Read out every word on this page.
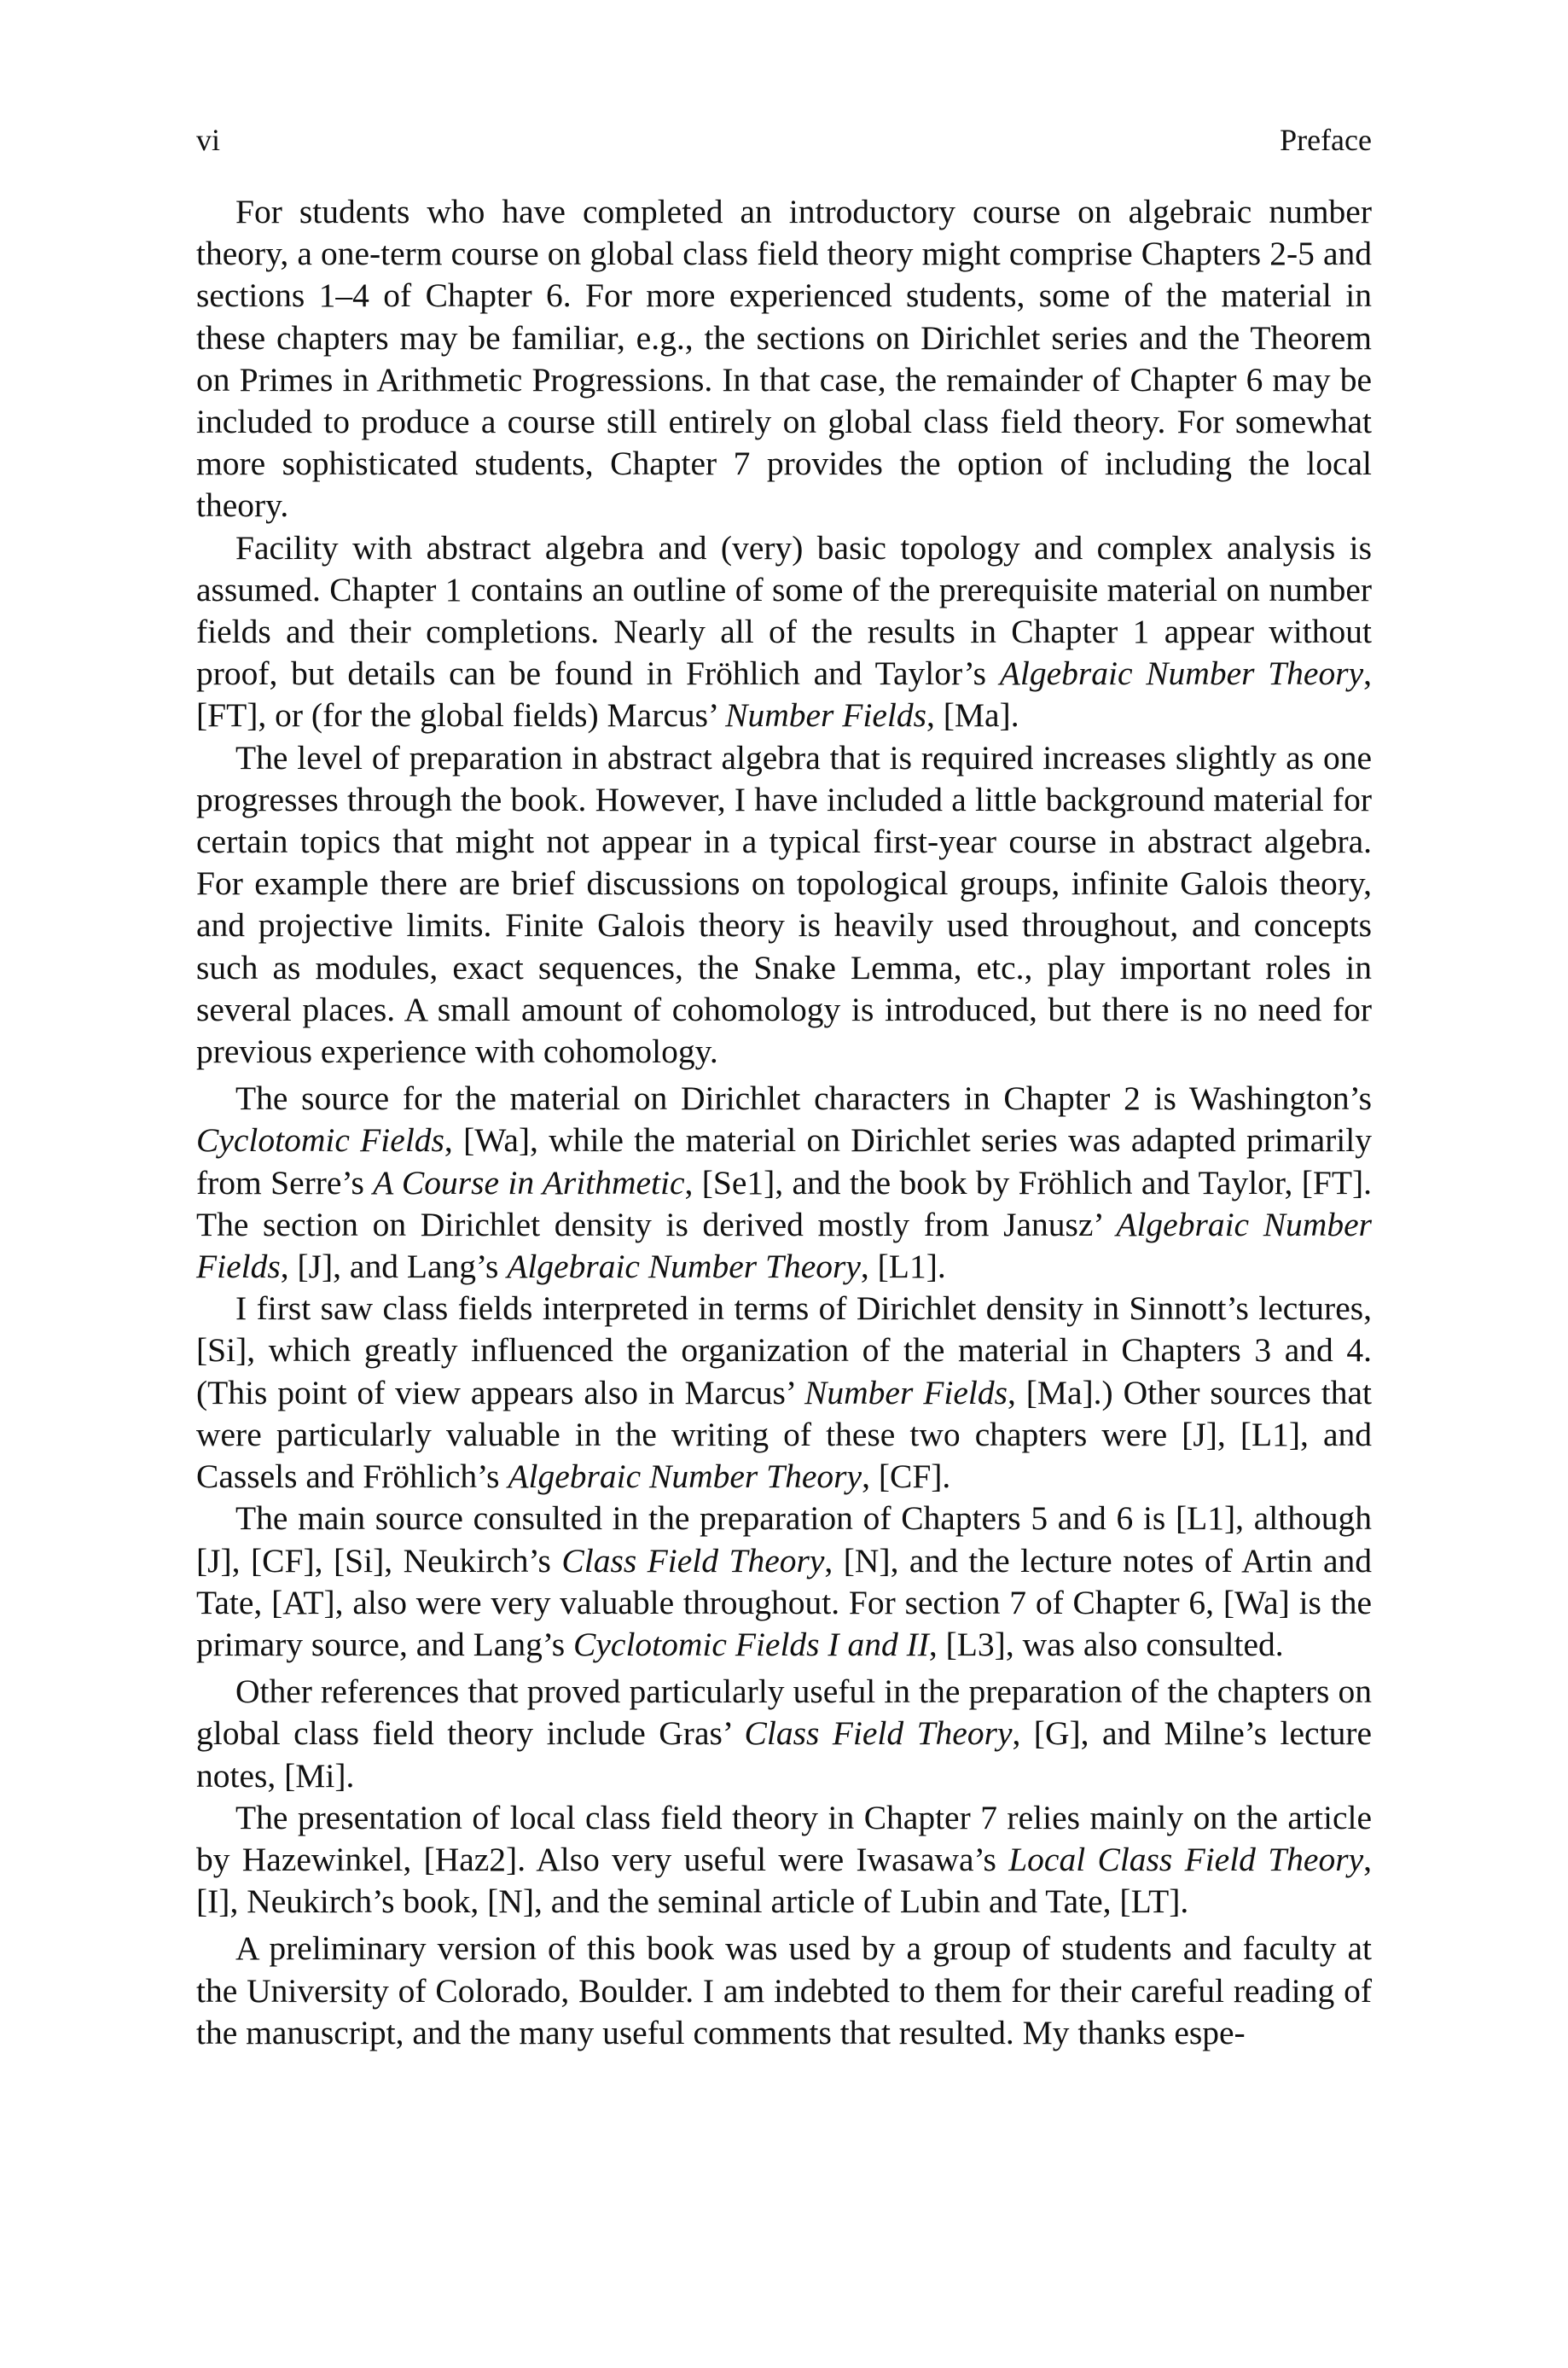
vi	Preface

For students who have completed an introductory course on algebraic number theory, a one-term course on global class field theory might comprise Chapters 2-5 and sections 1–4 of Chapter 6. For more experienced students, some of the material in these chapters may be familiar, e.g., the sections on Dirichlet series and the Theorem on Primes in Arithmetic Progressions. In that case, the remainder of Chapter 6 may be included to produce a course still entirely on global class field theory. For somewhat more sophisticated students, Chapter 7 provides the option of including the local theory.

Facility with abstract algebra and (very) basic topology and complex analysis is assumed. Chapter 1 contains an outline of some of the prerequisite material on number fields and their completions. Nearly all of the results in Chapter 1 appear without proof, but details can be found in Fröhlich and Taylor’s Algebraic Number Theory, [FT], or (for the global fields) Marcus’ Number Fields, [Ma].

The level of preparation in abstract algebra that is required increases slightly as one progresses through the book. However, I have included a little background material for certain topics that might not appear in a typical first-year course in abstract algebra. For example there are brief discussions on topological groups, infinite Galois theory, and projective limits. Finite Galois theory is heavily used throughout, and concepts such as modules, exact sequences, the Snake Lemma, etc., play important roles in several places. A small amount of cohomology is introduced, but there is no need for previous experience with cohomology.

The source for the material on Dirichlet characters in Chapter 2 is Washington’s Cyclotomic Fields, [Wa], while the material on Dirichlet series was adapted primarily from Serre’s A Course in Arithmetic, [Se1], and the book by Fröhlich and Taylor, [FT]. The section on Dirichlet density is derived mostly from Janusz’ Algebraic Number Fields, [J], and Lang’s Algebraic Number Theory, [L1].

I first saw class fields interpreted in terms of Dirichlet density in Sinnott’s lectures, [Si], which greatly influenced the organization of the material in Chapters 3 and 4. (This point of view appears also in Marcus’ Number Fields, [Ma].) Other sources that were particularly valuable in the writing of these two chapters were [J], [L1], and Cassels and Fröhlich’s Algebraic Number Theory, [CF].

The main source consulted in the preparation of Chapters 5 and 6 is [L1], although [J], [CF], [Si], Neukirch’s Class Field Theory, [N], and the lecture notes of Artin and Tate, [AT], also were very valuable throughout. For section 7 of Chapter 6, [Wa] is the primary source, and Lang’s Cyclotomic Fields I and II, [L3], was also consulted.

Other references that proved particularly useful in the preparation of the chapters on global class field theory include Gras’ Class Field Theory, [G], and Milne’s lecture notes, [Mi].

The presentation of local class field theory in Chapter 7 relies mainly on the article by Hazewinkel, [Haz2]. Also very useful were Iwasawa’s Local Class Field Theory, [I], Neukirch’s book, [N], and the seminal article of Lubin and Tate, [LT].

A preliminary version of this book was used by a group of students and faculty at the University of Colorado, Boulder. I am indebted to them for their careful reading of the manuscript, and the many useful comments that resulted. My thanks espe-
